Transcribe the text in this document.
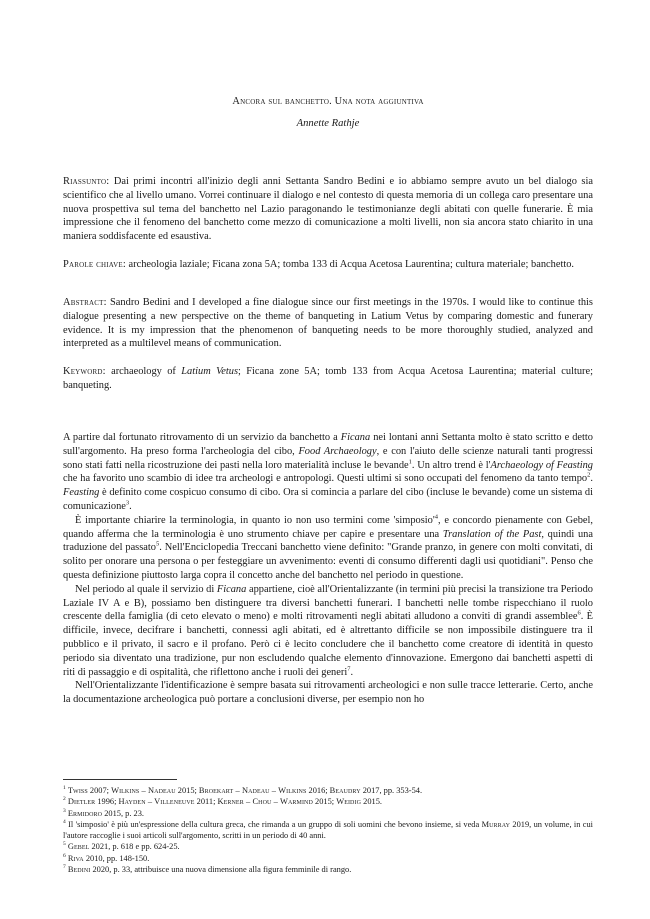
Ancora sul banchetto. Una nota aggiuntiva
Annette Rathje
Riassunto: Dai primi incontri all'inizio degli anni Settanta Sandro Bedini e io abbiamo sempre avuto un bel dialogo sia scientifico che al livello umano. Vorrei continuare il dialogo e nel contesto di questa memoria di un collega caro presentare una nuova prospettiva sul tema del banchetto nel Lazio paragonando le testimonianze degli abitati con quelle funerarie. È mia impressione che il fenomeno del banchetto come mezzo di comunicazione a molti livelli, non sia ancora stato chiarito in una maniera soddisfacente ed esaustiva.
Parole chiave: archeologia laziale; Ficana zona 5A; tomba 133 di Acqua Acetosa Laurentina; cultura materiale; banchetto.
Abstract: Sandro Bedini and I developed a fine dialogue since our first meetings in the 1970s. I would like to continue this dialogue presenting a new perspective on the theme of banqueting in Latium Vetus by comparing domestic and funerary evidence. It is my impression that the phenomenon of banqueting needs to be more thoroughly studied, analyzed and interpreted as a multilevel means of communication.
Keyword: archaeology of Latium Vetus; Ficana zone 5A; tomb 133 from Acqua Acetosa Laurentina; material culture; banqueting.

A partire dal fortunato ritrovamento di un servizio da banchetto a Ficana nei lontani anni Settanta molto è stato scritto e detto sull'argomento. Ha preso forma l'archeologia del cibo, Food Archaeology, e con l'aiuto delle scienze naturali tanti progressi sono stati fatti nella ricostruzione dei pasti nella loro materialità incluse le bevande$^1$. Un altro trend è l'Archaeology of Feasting che ha favorito uno scambio di idee tra archeologi e antropologi. Questi ultimi si sono occupati del fenomeno da tanto tempo$^2$. Feasting è definito come cospicuo consumo di cibo. Ora si comincia a parlare del cibo (incluse le bevande) come un sistema di comunicazione$^3$.

È importante chiarire la terminologia, in quanto io non uso termini come '$simposio'^4$, e concordo pienamente con Gebel, quando afferma che la terminologia è uno strumento chiave per capire e presentare una Translation of the Past, quindi una traduzione del passato$^5$. Nell'Enciclopedia Treccani banchetto viene definito: "Grande pranzo, in genere con molti convitati, di solito per onorare una persona o per festeggiare un avvenimento: eventi di consumo differenti dagli usi quotidiani". Penso che questa definizione piuttosto larga copra il concetto anche del banchetto nel periodo in questione.

Nel periodo al quale il servizio di Ficana appartiene, cioè all'Orientalizzante (in termini più precisi la transizione tra Periodo Laziale IV A e B), possiamo ben distinguere tra diversi banchetti funerari. I banchetti nelle tombe rispecchiano il ruolo crescente della famiglia (di ceto elevato o meno) e molti ritrovamenti negli abitati alludono a conviti di grandi assemblee$^6$. È difficile, invece, decifrare i banchetti, connessi agli abitati, ed è altrettanto difficile se non impossibile distinguere tra il pubblico e il privato, il sacro e il profano. Però ci è lecito concludere che il banchetto come creatore di identità in questo periodo sia diventato una tradizione, pur non escludendo qualche elemento d'innovazione. Emergono dai banchetti aspetti di riti di passaggio e di ospitalità, che riflettono anche i ruoli dei generi$^7$.

Nell'Orientalizzante l'identificazione è sempre basata sui ritrovamenti archeologici e non sulle tracce letterarie. Certo, anche la documentazione archeologica può portare a conclusioni diverse, per esempio non ho

$^1$ Twiss 2007; Wilkins – Nadeau 2015; Broekart – Nadeau – Wilkins 2016; Beaudry 2017, pp. 353-54.

$^2$ Dietler 1996; Hayden – Villeneuve 2011; Kerner – Chou – Warmind 2015; Weidig 2015.

$^3$ Ermidoro 2015, p. 23.

$^4$ Il 'simposio' è più un'espressione della cultura greca, che rimanda a un gruppo di soli uomini che bevono insieme, si veda Murray 2019, un volume, in cui l'autore raccoglie i suoi articoli sull'argomento, scritti in un periodo di 40 anni.

$^5$ Gebel 2021, p. 618 e pp. 624-25.

$^6$ Riva 2010, pp. 148-150.

$^7$ Bedini 2020, p. 33, attribuisce una nuova dimensione alla figura femminile di rango.
